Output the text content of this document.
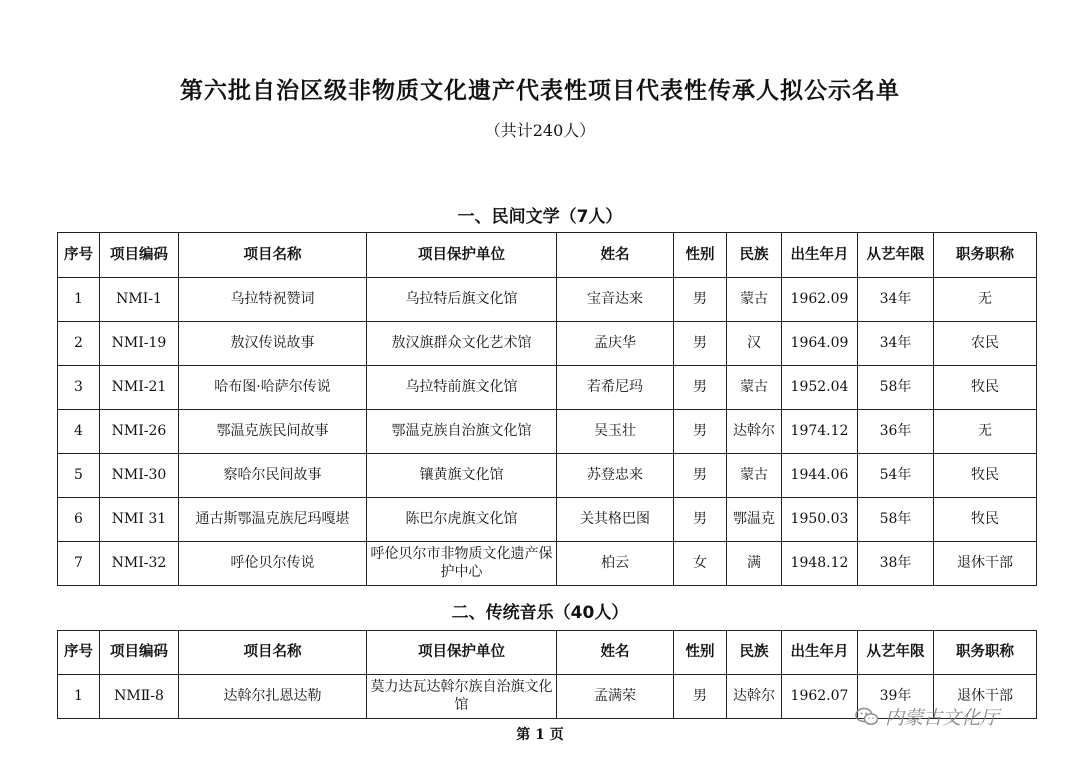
第六批自治区级非物质文化遗产代表性项目代表性传承人拟公示名单
（共计240人）
一、民间文学（7人）
序号	项目编码	项目名称	项目保护单位	姓名	性别	民族	出生年月	从艺年限	职务职称
1	NMⅠ-1	乌拉特祝赞词	乌拉特后旗文化馆	宝音达来	男	蒙古	1962.09	34年	无
2	NMⅠ-19	敖汉传说故事	敖汉旗群众文化艺术馆	孟庆华	男	汉	1964.09	34年	农民
3	NMⅠ-21	哈布图·哈萨尔传说	乌拉特前旗文化馆	若希尼玛	男	蒙古	1952.04	58年	牧民
4	NMⅠ-26	鄂温克族民间故事	鄂温克族自治旗文化馆	吴玉壮	男	达斡尔	1974.12	36年	无
5	NMⅠ-30	察哈尔民间故事	镶黄旗文化馆	苏登忠来	男	蒙古	1944.06	54年	牧民
6	NMⅠ 31	通古斯鄂温克族尼玛嘎堪	陈巴尔虎旗文化馆	关其格巴图	男	鄂温克	1950.03	58年	牧民
7	NMⅠ-32	呼伦贝尔传说	呼伦贝尔市非物质文化遗产保护中心	柏云	女	满	1948.12	38年	退休干部
二、传统音乐（40人）
序号	项目编码	项目名称	项目保护单位	姓名	性别	民族	出生年月	从艺年限	职务职称
1	NMⅡ-8	达斡尔扎恩达勒	莫力达瓦达斡尔族自治旗文化馆	孟满荣	男	达斡尔	1962.07	39年	退休干部
第 1 页
内蒙古文化厅
